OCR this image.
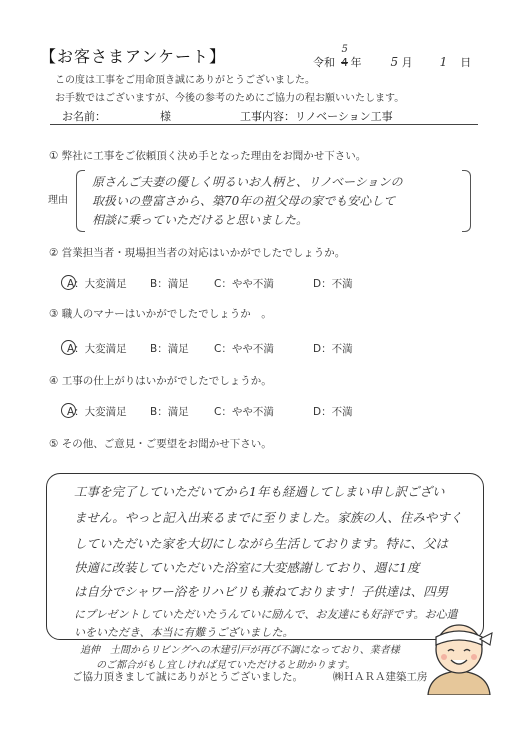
【お客さまアンケート】	令和 4
5
年 5 月 1 日
この度は工事をご用命頂き誠にありがとうございました。
お手数ではございますが、今後の参考のためにご協力の程お願いいたします。
お名前：	様	工事内容：リノベーション工事
① 弊社に工事をご依頼頂く決め手となった理由をお聞かせ下さい。
理由
原さんご夫妻の優しく明るいお人柄と、リノベーションの
取扱いの豊富さから、築70年の祖父母の家でも安心して
相談に乗っていただけると思いました。
② 営業担当者・現場担当者の対応はいかがでしたでしょうか。
A：大変満足 B：満足 C：やや不満	D：不満
③ 職人のマナーはいかがでしたでしょうか　。
A：大変満足 B：満足 C：やや不満	D：不満
④ 工事の仕上がりはいかがでしたでしょうか。
A：大変満足 B：満足 C：やや不満	D：不満
⑤ その他、ご意見・ご要望をお聞かせ下さい。
工事を完了していただいてから1年も経過してしまい申し訳ござい
ません。やっと記入出来るまでに至りました。家族の人、住みやすく
していただいた家を大切にしながら生活しております。特に、父は
快適に改装していただいた浴室に大変感謝しており、週に1度
は自分でシャワー浴をリハビリも兼ねております！子供達は、四男
にプレゼントしていただいたうんていに励んで、お友達にも好評です。お心遣
いをいただき、本当に有難うございました。
追伸　土間からリビングへの木建引戸が再び不調になっており、業者様
のご都合がもし宜しければ見ていただけると助かります。
ご協力頂きまして誠にありがとうございました。	㈱ＨＡＲＡ建築工房
